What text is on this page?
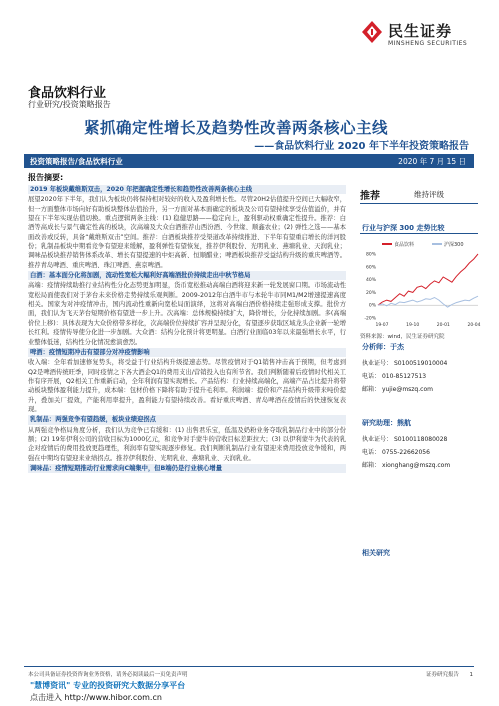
民生证券
MINSHENG SECURITIES
食品饮料行业
行业研究/投资策略报告
紧抓确定性增长及趋势性改善两条核心主线
——食品饮料行业 2020 年下半年投资策略报告
投资策略报告/食品饮料行业	2020 年 7 月 15 日
报告摘要:

2019 年板块戴维斯双击，2020 年把握确定性增长和趋势性改善两条核心主线
展望2020年下半年，我们认为板块仍将保持相对较好的收入及盈利增长性。尽管20H2估值提升空间已大幅收窄，但一方面整体市场向好有助板块整体估值抬升，另一方面对基本面确定的板块及公司有望持续享受估值溢价，并有望在下半年实现估值切换。重点逻辑两条主线：(1) 稳健思路——稳定向上，盈利驱动权重确定性提升。推荐：白酒等高成长与景气确定性高的板块，次高端及大众白酒推荐山西汾酒、今世缘、顺鑫农业；(2) 弹性之选——基本面改善或反转，具备“戴维斯双击”空间。推荐：白酒板块推荐受渠道改革持续推进、下半年有望重启增长的洋河股份；乳制品板块中期看竞争有望迎来缓解，盈利弹性有望恢复，推荐伊利股份、光明乳业、燕塘乳业、天润乳业；调味品板块推荐销售体系改革、增长有望提速的中炬高新、恒顺醋业；啤酒板块推荐受益结构升级的重庆啤酒等。推荐青岛啤酒、重庆啤酒、珠江啤酒、燕京啤酒。

白酒：基本面分化将加剧，流动性宽松大幅利好高端酒批价持续走出中秋节格局
高端：疫情持续助推行业结构性分化态势更加明显，货币宽松推动高端白酒将迎来新一轮发展窗口期。市场流动性宽松局面使我们对于茅台未来价格走势持续乐观判断。2009-2012年白酒牛市与本轮牛市同M1/M2增速提速高度相关。国家为对冲疫情冲击，国内流动性重新向宽松局面演绎，这将对高端白酒价格持续走强形成支撑。批价方面，我们认为飞天茅台短期价格有望进一步上升。次高端：总体规模持续扩大，降价增长，分化持续加剧。多(高端价位上移)：具体表现为大众价格带多样化，次高端价位持续扩容并呈现分化，有望逐步获取区域龙头企业新一轮增长红利。疫情传导使分化进一步加剧。大众酒：结构分化预计将更明显。白酒行业面临03年以来最强增长水平，行业整体低迷，结构性分化情况愈演愈烈。

啤酒：疫情短期冲击有望部分对冲疫情影响
收入端：全年看加速修复势头，将受益于行业结构升级提速态势。尽管疫情对于Q1销售冲击高于预期，但考虑到Q2是啤酒传统旺季，同时疫情之下各大酒企Q1的费用支出/营销投入也有所节省。我们判断随着后疫情时代相关工作有序开展，Q2相关工作重新启动，全年利润有望实现增长。产品结构：行业持续高端化，高端产品占比提升将带动板块整体盈利能力提升，成本端：包材价格下降将有助于提升毛利率。利润端：提价和产品结构升级带来吨价提升，叠加关厂提效，产能利用率提升，盈利能力有望持续改善。看好重庆啤酒、青岛啤酒在疫情后的快速恢复表现。

乳制品：两强竞争有望趋缓，板块业绩迎拐点
从两强竞争格局角度分析，我们认为竞争已有缓和：(1) 出售君乐宝，低温及奶粉业务夺取乳制品行业中的部分份额；(2) 19年伊利公司的营收目标为1000亿元，和竞争对手蒙牛的营收目标差距拉大；(3) 以伊利蒙牛为代表的乳企对疫情后的费用投放更趋理性，利润率有望实现逐步修复。我们判断乳制品行业有望迎来费用投放竞争缓和，两强在中期均有望迎来业绩拐点。推荐伊利股份、光明乳业、燕塘乳业、天润乳业。

调味品：疫情短期推动行业需求向C端集中，但B端仍是行业核心增量

推荐	维持评级
行业与沪深 300 走势比较
食品饮料	沪深300
80%
60%
40%
20%
0%
-20%
19-07	19-10	20-01	20-04
资料来源：wind，民生证券研究院
分析师：于杰
执业证号： S0100519010004
电话： 010-85127513
邮箱： yujie@mszq.com
研究助理：熊航
执业证号： S0100118080028
电话： 0755-22662056
邮箱： xionghang@mszq.com
相关研究
本公司具备证券投资咨询业务资格，请务必阅读最后一页免责声明	证券研究报告 1
"慧博资讯" 专业的投资研究大数据分享平台
点击进入 http://www.hibor.com.cn
